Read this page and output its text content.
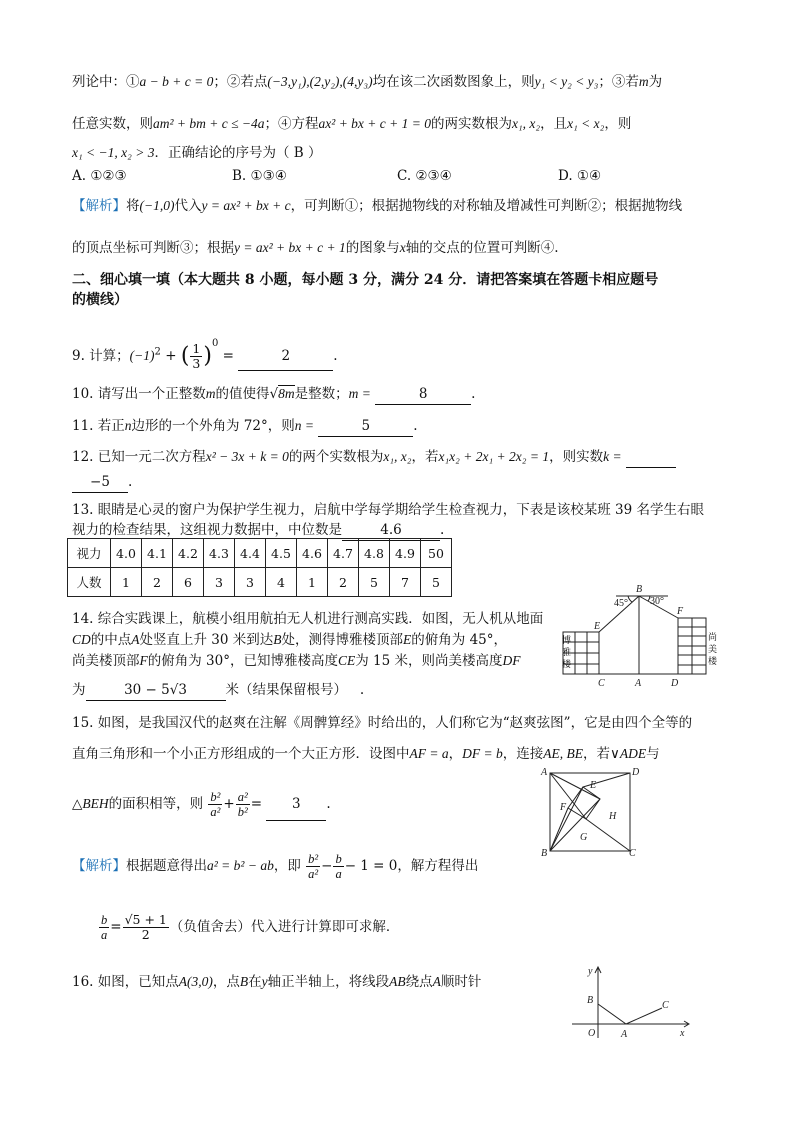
列论中：①a − b + c = 0；②若点(−3,y₁),(2,y₂),(4,y₃)均在该二次函数图象上，则y₁ < y₂ < y₃；③若m为
任意实数，则am² + bm + c ≤ −4a；④方程ax² + bx + c + 1 = 0的两实数根为x₁, x₂，且x₁ < x₂，则
x₁ < −1, x₂ > 3．正确结论的序号为（ B ）
A. ①②③	B. ①③④	C. ②③④	D. ①④
【解析】将(−1,0)代入y = ax² + bx + c，可判断①；根据抛物线的对称轴及增减性可判断②；根据抛物线
的顶点坐标可判断③；根据y = ax² + bx + c + 1的图象与x轴的交点的位置可判断④.
二、细心填一填（本大题共 8 小题，每小题 3 分，满分 24 分．请把答案填在答题卡相应题号
的横线）
9. 计算；$(-1)^2$ + ( $\frac{1}{3} )^0$ =	2	.
10. 请写出一个正整数m的值使得√8m是整数；m =	8	.
11. 若正n边形的一个外角为 72°，则n =	5	.
12. 已知一元二次方程x² − 3x + k = 0的两个实数根为x₁, x₂，若x₁x₂ + 2x₁ + 2x₂ = 1，则实数k =
−5 .
13. 眼睛是心灵的窗户为保护学生视力，启航中学每学期给学生检查视力，下表是该校某班 39 名学生右眼
视力的检查结果，这组视力数据中，中位数是	4.6	.
视力	4.0	4.1	4.2	4.3	4.4	4.5	4.6	4.7	4.8	4.9	50
人数	1	2	6	3	3	4	1	2	5	7	5
14. 综合实践课上，航模小组用航拍无人机进行测高实践．如图，无人机从地面
CD的中点A处竖直上升 30 米到达B处，测得博雅楼顶部E的俯角为 45°，
尚美楼顶部F的俯角为 30°，已知博雅楼高度CE为 15 米，则尚美楼高度DF
为	30 − 5√3	米（结果保留根号） .
45° 30°
B
E
F
C	A	D
博
雅
楼
尚
美
楼
15. 如图，是我国汉代的赵爽在注解《周髀算经》时给出的，人们称它为“赵爽弦图”，它是由四个全等的
直角三角形和一个小正方形组成的一个大正方形．设图中AF = a，DF = b，连接AE, BE，若∨ADE与
△BEH的面积相等，则 $\frac{\text{b²}}{\text{a²}} + \frac{\text{a²}}{\text{b²}} = 3$ .
A	D
E
F
H
G
B	C
【解析】根据题意得出a² = b² − ab，即 $\frac{\text{b²}}{\text{a²}} - \frac{b}{a} - 1 = 0$，解方程得出
$\frac{b}{a} = \frac{√5 + 1}{2}$ （负值舍去）代入进行计算即可求解．
16. 如图，已知点A(3,0)，点B在y轴正半轴上，将线段AB绕点A顺时针
y
B	C
O	A	x
